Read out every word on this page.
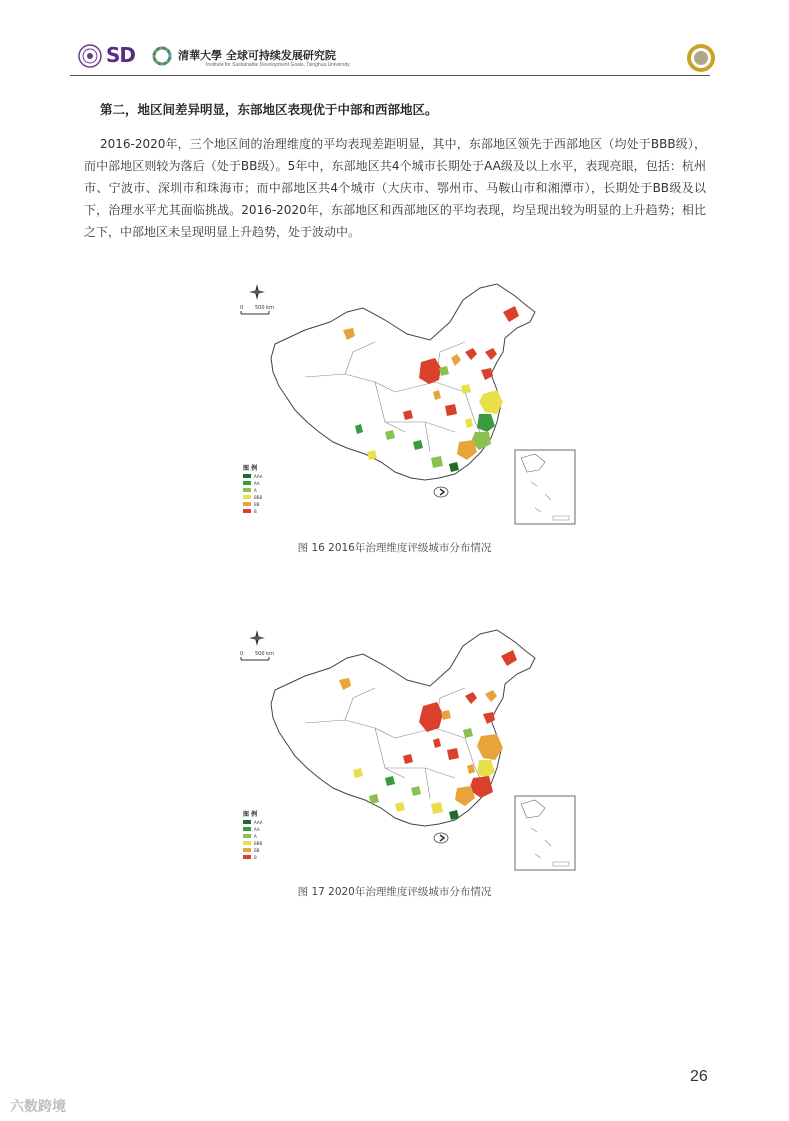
SD	清華大學 全球可持续发展研究院
Institute for Sustainable Development Goals, Tsinghua University
第二，地区间差异明显，东部地区表现优于中部和西部地区。

2016-2020年，三个地区间的治理维度的平均表现差距明显，其中，东部地区领先于西部地区（均处于BBB级），而中部地区则较为落后（处于BB级）。5年中，东部地区共4个城市长期处于AA级及以上水平，表现亮眼，包括：杭州市、宁波市、深圳市和珠海市；而中部地区共4个城市（大庆市、鄂州市、马鞍山市和湘潭市），长期处于BB级及以下，治理水平尤其面临挑战。2016-2020年，东部地区和西部地区的平均表现，均呈现出较为明显的上升趋势；相比之下，中部地区未呈现明显上升趋势，处于波动中。

0 500 km
图 例
AAA
AA
A
BBB
BB
B
图 16 2016年治理维度评级城市分布情况
0 500 km
图 例
AAA
AA
A
BBB
BB
B
图 17 2020年治理维度评级城市分布情况
26
六数跨境
